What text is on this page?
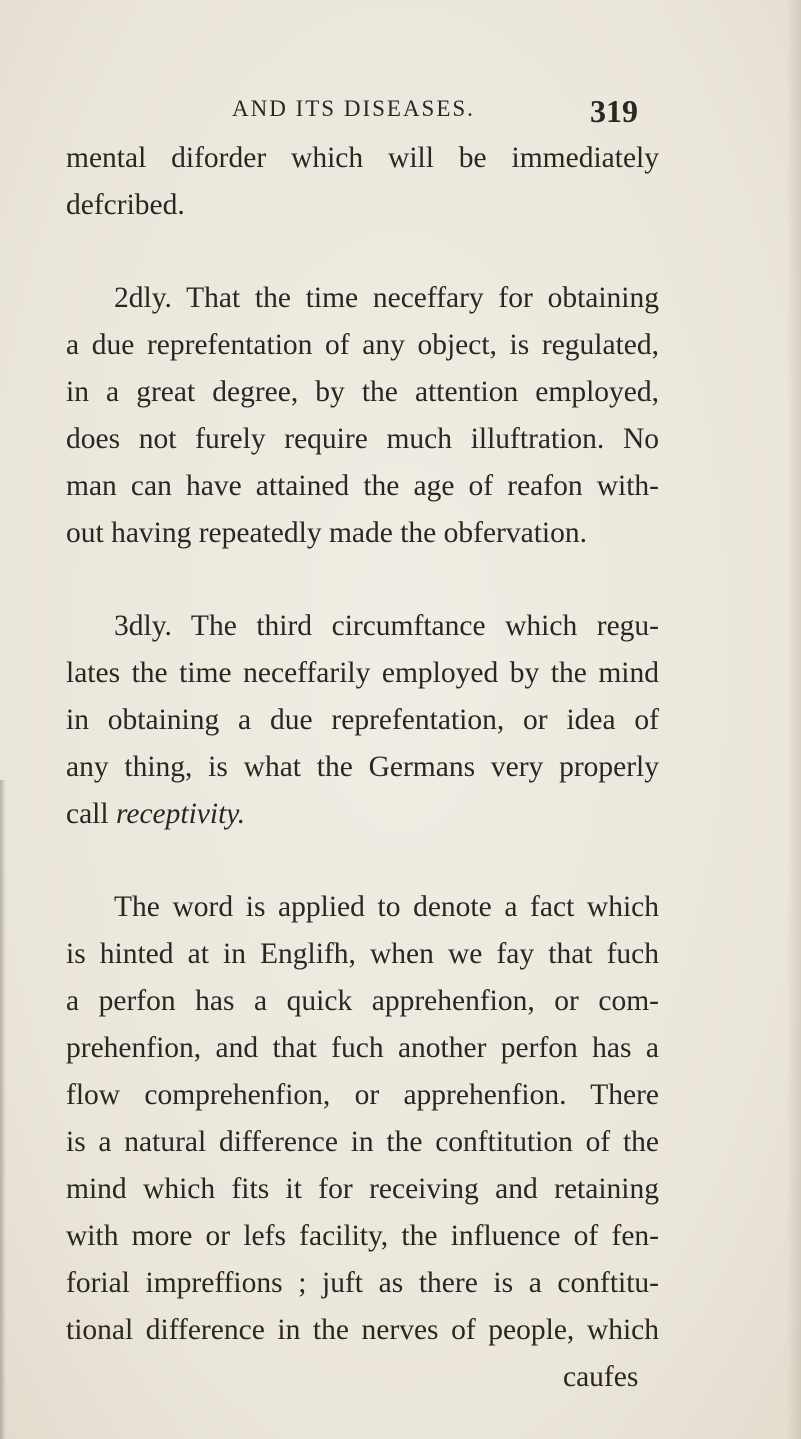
AND ITS DISEASES.	319
mental diforder which will be immediately
defcribed.
2dly. That the time neceffary for obtaining
a due reprefentation of any object, is regulated,
in a great degree, by the attention employed,
does not furely require much illuftration. No
man can have attained the age of reafon with-
out having repeatedly made the obfervation.
3dly. The third circumftance which regu-
lates the time neceffarily employed by the mind
in obtaining a due reprefentation, or idea of
any thing, is what the Germans very properly
call receptivity.
The word is applied to denote a fact which
is hinted at in Englifh, when we fay that fuch
a perfon has a quick apprehenfion, or com-
prehenfion, and that fuch another perfon has a
flow comprehenfion, or apprehenfion. There
is a natural difference in the conftitution of the
mind which fits it for receiving and retaining
with more or lefs facility, the influence of fen-
forial impreffions ; juft as there is a conftitu-
tional difference in the nerves of people, which
caufes
